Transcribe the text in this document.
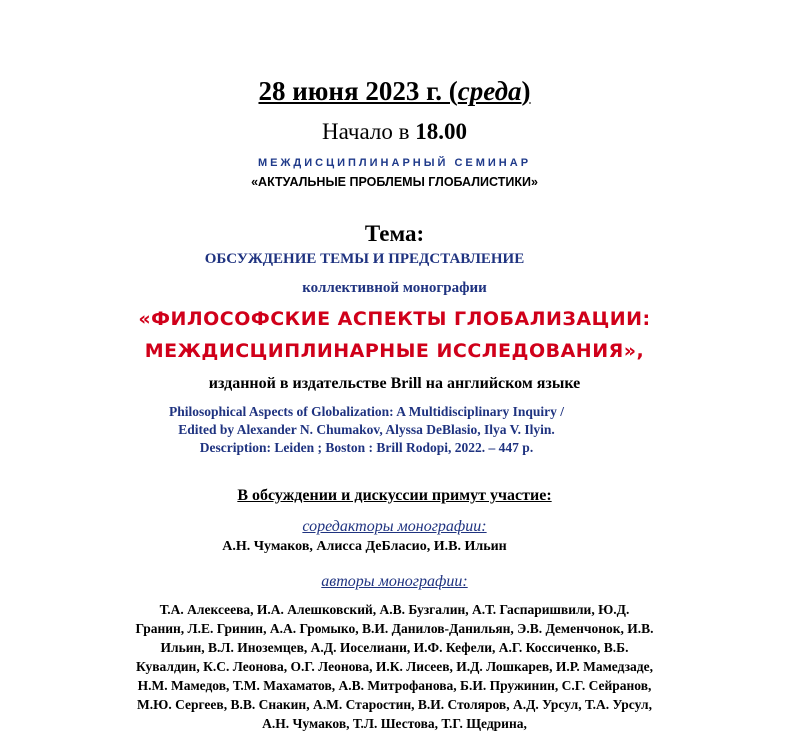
28 июня 2023 г. (среда)
Начало в 18.00
МЕЖДИСЦИПЛИНАРНЫЙ СЕМИНАР
«АКТУАЛЬНЫЕ ПРОБЛЕМЫ ГЛОБАЛИСТИКИ»
Тема:
ОБСУЖДЕНИЕ ТЕМЫ И ПРЕДСТАВЛЕНИЕ
коллективной монографии
«ФИЛОСОФСКИЕ АСПЕКТЫ ГЛОБАЛИЗАЦИИ:
МЕЖДИСЦИПЛИНАРНЫЕ ИССЛЕДОВАНИЯ»,
изданной в издательстве Brill на английском языке
Philosophical Aspects of Globalization: A Multidisciplinary Inquiry /
Edited by Alexander N. Chumakov, Alyssa DeBlasio, Ilya V. Ilyin.
Description: Leiden ; Boston : Brill Rodopi, 2022. – 447 p.
В обсуждении и дискуссии примут участие:
соредакторы монографии:
А.Н. Чумаков, Алисса ДеБласио, И.В. Ильин
авторы монографии:
Т.А. Алексеева, И.А. Алешковский, А.В. Бузгалин, А.Т. Гаспаришвили, Ю.Д.
Гранин, Л.Е. Гринин, А.А. Громыко, В.И. Данилов-Данильян, Э.В. Деменчонок, И.В.
Ильин, В.Л. Иноземцев, А.Д. Иоселиани, И.Ф. Кефели, А.Г. Коссиченко, В.Б.
Кувалдин, К.С. Леонова, О.Г. Леонова, И.К. Лисеев, И.Д. Лошкарев, И.Р. Мамедзаде,
Н.М. Мамедов, Т.М. Махаматов, А.В. Митрофанова, Б.И. Пружинин, С.Г. Сейранов,
М.Ю. Сергеев, В.В. Снакин, А.М. Старостин, В.И. Столяров, А.Д. Урсул, Т.А. Урсул,
А.Н. Чумаков, Т.Л. Шестова, Т.Г. Щедрина,
